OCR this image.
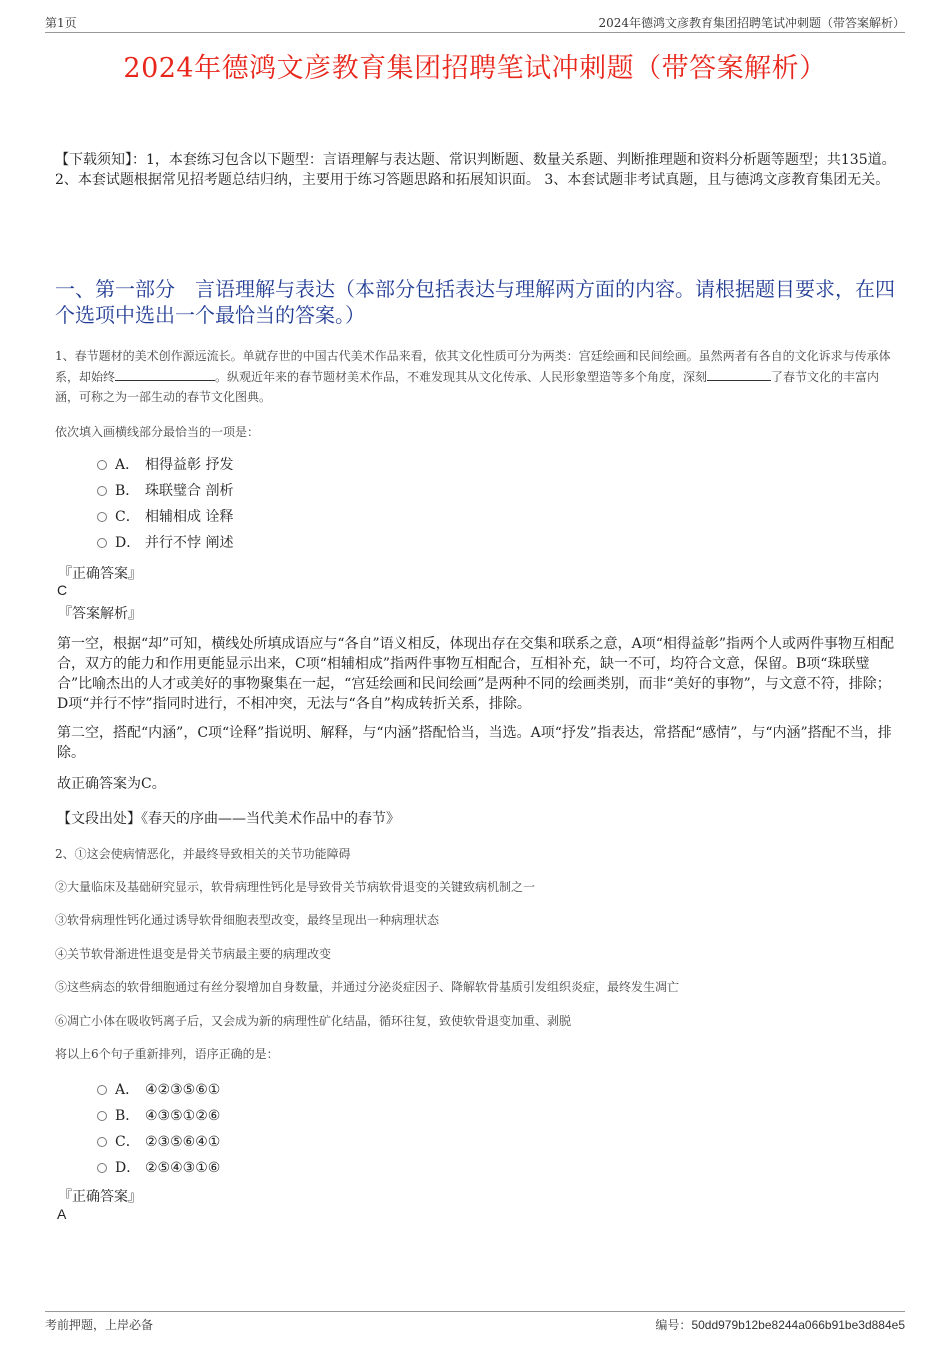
第1页	2024年德鸿文彦教育集团招聘笔试冲刺题（带答案解析）
2024年德鸿文彦教育集团招聘笔试冲刺题（带答案解析）
【下载须知】：1，本套练习包含以下题型：言语理解与表达题、常识判断题、数量关系题、判断推理题和资料分析题等题型；共135道。 2、本套试题根据常见招考题总结归纳，主要用于练习答题思路和拓展知识面。 3、本套试题非考试真题，且与德鸿文彦教育集团无关。
一、第一部分　言语理解与表达（本部分包括表达与理解两方面的内容。请根据题目要求，在四个选项中选出一个最恰当的答案。）
1、春节题材的美术创作源远流长。单就存世的中国古代美术作品来看，依其文化性质可分为两类：宫廷绘画和民间绘画。虽然两者有各自的文化诉求与传承体系，却始终	。纵观近年来的春节题材美术作品，不难发现其从文化传承、人民形象塑造等多个角度，深刻	了春节文化的丰富内涵，可称之为一部生动的春节文化图典。
依次填入画横线部分最恰当的一项是：
A． 相得益彰 抒发
B． 珠联璧合 剖析
C． 相辅相成 诠释
D． 并行不悖 阐述
『正确答案』
C
『答案解析』
第一空，根据“却”可知，横线处所填成语应与“各自”语义相反，体现出存在交集和联系之意，A项“相得益彰”指两个人或两件事物互相配合，双方的能力和作用更能显示出来，C项“相辅相成”指两件事物互相配合，互相补充，缺一不可，均符合文意，保留。B项“珠联璧合”比喻杰出的人才或美好的事物聚集在一起，“宫廷绘画和民间绘画”是两种不同的绘画类别，而非“美好的事物”，与文意不符，排除；D项“并行不悖”指同时进行，不相冲突，无法与“各自”构成转折关系，排除。
第二空，搭配“内涵”，C项“诠释”指说明、解释，与“内涵”搭配恰当，当选。A项“抒发”指表达，常搭配“感情”，与“内涵”搭配不当，排除。
故正确答案为C。
【文段出处】《春天的序曲——当代美术作品中的春节》
2、①这会使病情恶化，并最终导致相关的关节功能障碍
②大量临床及基础研究显示，软骨病理性钙化是导致骨关节病软骨退变的关键致病机制之一
③软骨病理性钙化通过诱导软骨细胞表型改变，最终呈现出一种病理状态
④关节软骨渐进性退变是骨关节病最主要的病理改变
⑤这些病态的软骨细胞通过有丝分裂增加自身数量，并通过分泌炎症因子、降解软骨基质引发组织炎症，最终发生凋亡
⑥凋亡小体在吸收钙离子后，又会成为新的病理性矿化结晶，循环往复，致使软骨退变加重、剥脱
将以上6个句子重新排列，语序正确的是：
A． ④②③⑤⑥①
B． ④③⑤①②⑥
C． ②③⑤⑥④①
D． ②⑤④③①⑥
『正确答案』
A
考前押题，上岸必备	编号：50dd979b12be8244a066b91be3d884e5
